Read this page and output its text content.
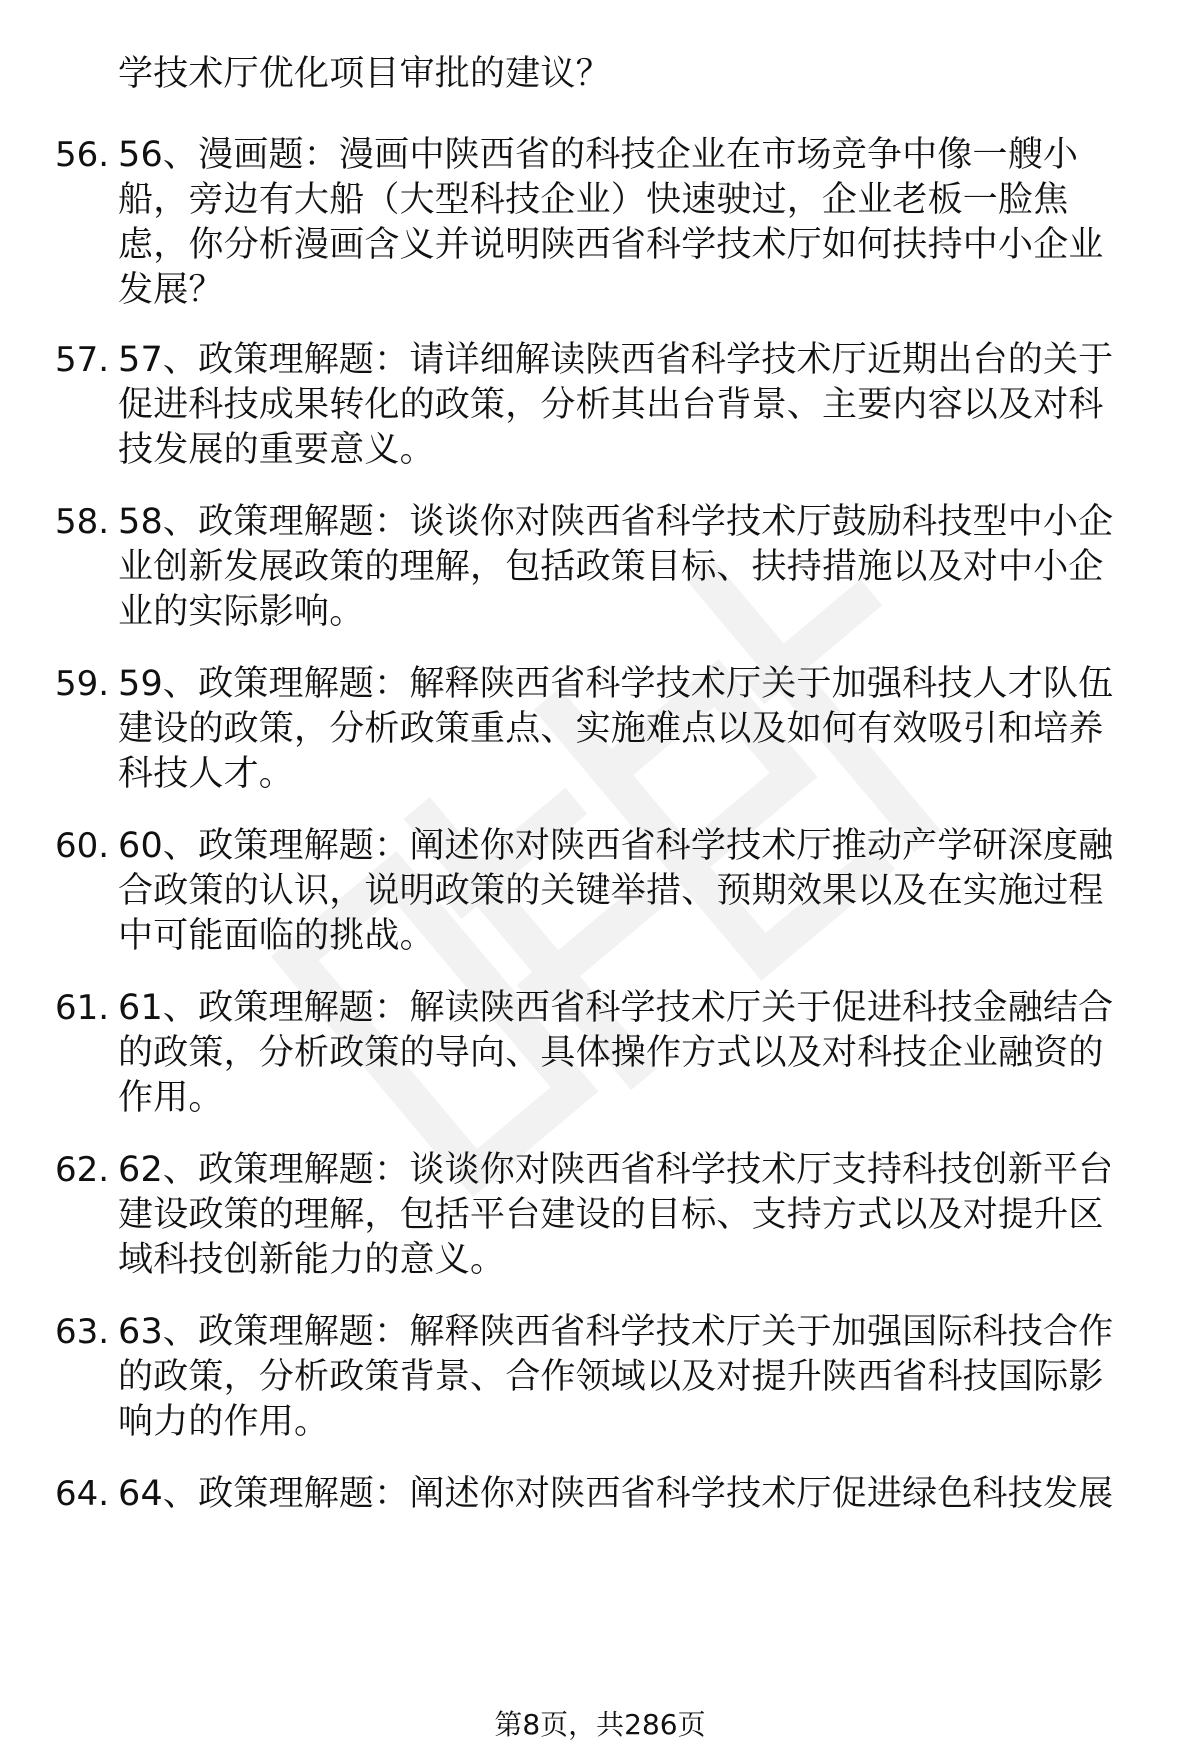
学技术厅优化项目审批的建议？
56. 56、漫画题：漫画中陕西省的科技企业在市场竞争中像一艘小
船，旁边有大船（大型科技企业）快速驶过，企业老板一脸焦
虑，你分析漫画含义并说明陕西省科学技术厅如何扶持中小企业
发展？
57. 57、政策理解题：请详细解读陕西省科学技术厅近期出台的关于
促进科技成果转化的政策，分析其出台背景、主要内容以及对科
技发展的重要意义。
58. 58、政策理解题：谈谈你对陕西省科学技术厅鼓励科技型中小企
业创新发展政策的理解，包括政策目标、扶持措施以及对中小企
业的实际影响。
59. 59、政策理解题：解释陕西省科学技术厅关于加强科技人才队伍
建设的政策，分析政策重点、实施难点以及如何有效吸引和培养
科技人才。
60. 60、政策理解题：阐述你对陕西省科学技术厅推动产学研深度融
合政策的认识，说明政策的关键举措、预期效果以及在实施过程
中可能面临的挑战。
61. 61、政策理解题：解读陕西省科学技术厅关于促进科技金融结合
的政策，分析政策的导向、具体操作方式以及对科技企业融资的
作用。
62. 62、政策理解题：谈谈你对陕西省科学技术厅支持科技创新平台
建设政策的理解，包括平台建设的目标、支持方式以及对提升区
域科技创新能力的意义。
63. 63、政策理解题：解释陕西省科学技术厅关于加强国际科技合作
的政策，分析政策背景、合作领域以及对提升陕西省科技国际影
响力的作用。
64. 64、政策理解题：阐述你对陕西省科学技术厅促进绿色科技发展
第8页，共286页
